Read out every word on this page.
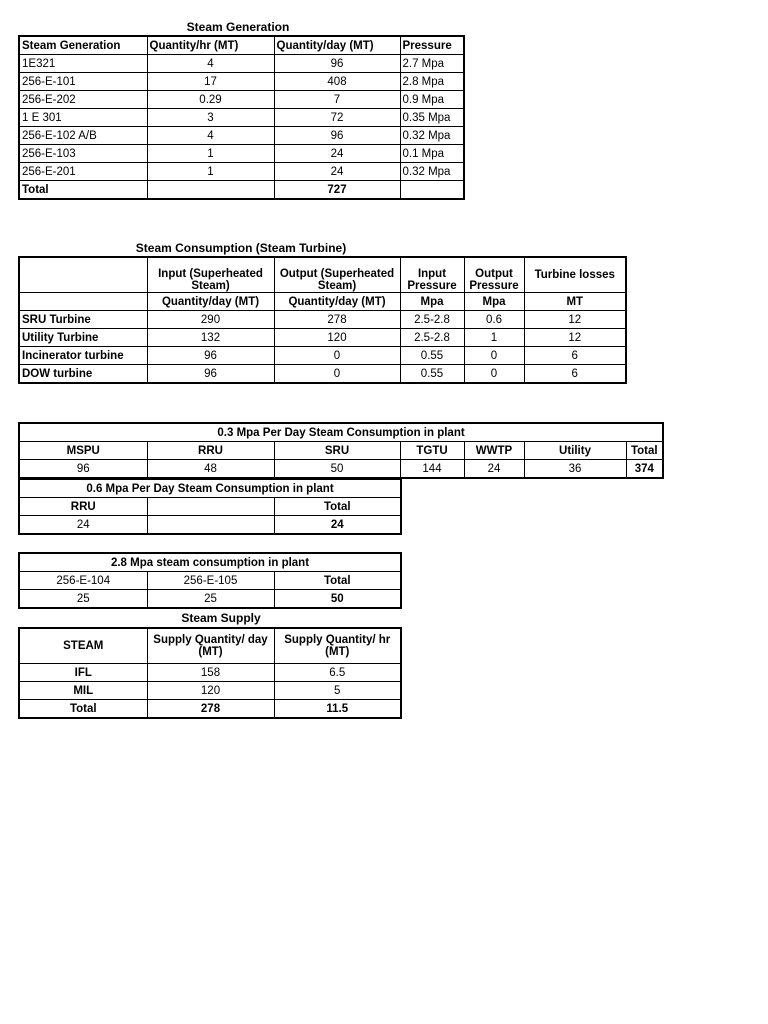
Steam Generation
Steam Generation	Quantity/hr (MT)	Quantity/day (MT)	Pressure
1E321	4	96	2.7 Mpa
256-E-101	17	408	2.8 Mpa
256-E-202	0.29	7	0.9 Mpa
1 E 301	3	72	0.35 Mpa
256-E-102 A/B	4	96	0.32 Mpa
256-E-103	1	24	0.1 Mpa
256-E-201	1	24	0.32 Mpa
Total		727	
Steam Consumption (Steam Turbine)
	Input (Superheated Steam)	Output (Superheated Steam)	Input Pressure	Output Pressure	Turbine losses
	Quantity/day (MT)	Quantity/day (MT)	Mpa	Mpa	MT
SRU Turbine	290	278	2.5-2.8	0.6	12
Utility Turbine	132	120	2.5-2.8	1	12
Incinerator turbine	96	0	0.55	0	6
DOW turbine	96	0	0.55	0	6
0.3 Mpa Per Day Steam Consumption in plant						
MSPU	RRU	SRU	TGTU	WWTP	Utility	Total
96	48	50	144	24	36	374
0.6 Mpa Per Day Steam Consumption in plant		
RRU		Total
24		24
2.8 Mpa steam consumption in plant		
256-E-104	256-E-105	Total
25	25	50
Steam Supply
STEAM	Supply Quantity/ day (MT)	Supply Quantity/ hr (MT)
IFL	158	6.5
MIL	120	5
Total	278	11.5
